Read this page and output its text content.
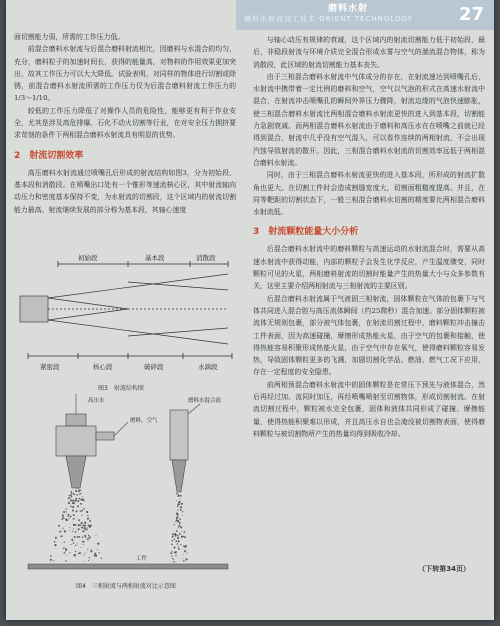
磨料水射
磨料水射流加工技术 ORIENT TECHNOLOGY	27

面切割能力弱，所需的工作压力低。

前混合磨料水射流与后混合磨料射流相比，因磨料与水混合的均匀，充分，磨料粒子的加速时间长，获得的能量高，对物料的作用效果更加突出，故其工作压力可以大大降低。试验表明，对同样的物体进行切割或除锈，前混合磨料水射流所需的工作压力仅为后混合磨料射流工作压力的1/3～1/10。

较低的工作压力降低了对操作人员的危险性，能够更有利于作业安全，尤其是涉及高危排爆、石化不动火切割等行业，在对安全压力拥挤要求苛刻的条件下两相混合磨料水射流具有明显的优势。

2　射流切割效率

高压磨料水射流通过喷嘴孔后形成的射流结构如图3，分为初始段、基本段和消散段。在喷嘴出口处有一个锥形等速流核心区，其中射流轴向动压力和密度基本保持不变，为水射流的切割段，这个区域内的射流切割能力最高。射流继续发展的部分称为基本段，其轴心速度

初始段	基本段	消散段
紧密段	核心段	破碎段	水滴段
图3　射流结构图
高压水
磨料，空气
磨料水混合液
工件
图4　三相射流与两相射流对比示意图

与轴心动压有规律的衰减，这个区域内的射流切割能力低于初始段，最后，非稳段射流与环境介质完全混合形成水雾与空气的湍流混合物体，称为消散段，此区域的射流切割能力基本丧失。

由于三相混合磨料水射流中气体成分的存在，在射流速达到喷嘴孔后，水射流中携带着一定比例的磨料和空气，空气以气泡的形式在高速水射流中混合，在射流冲击喷嘴孔的瞬间外界压力骤降，射流边缘的气泡快速膨胀，使三相混合磨料水射流比两相混合磨料水射流更快的进入到基本段，切割能力急剧衰减。而两相混合磨料水射流由于磨料和高压水在在喷嘴之前就已经得到混合，射流中几乎没有空气混入，可以看作连续的两相射流，不会出现汽蚀导致射流的散开。因此，三相混合磨料水射流的切割效率远低于两相混合磨料水射流。

同时，由于三相混合磨料水射流更快的进入基本段，所形成的射流扩散角也更大。在切割工件时会造成割缝宽度大，切割面粗糙度提高。并且，在同等靶距的切割状态下，一般三相混合磨料水切割的精度要比两相混合磨料水射流低。

3　射流颗粒能量大小分析

后混合磨料水射流中的磨料颗粒与高速运动的水射流混合时，需要从高速水射流中获得动能，内部的颗粒子会发生化学反应，产生温度骤变，同时颗粒可见的火星，两相磨料射流的切割时能量产生的热量大小与众多参数有关，这里主要介绍两相射流与三相射流的主要区别。

后混合磨料水射流属于气液固三相射流，固体颗粒在气体的包裹下与气体共同进入混合腔与高压流体瞬间（约25微秒）混合加速。部分固体颗粒被流体无规则包裹，部分被气体包裹，在射流切割过程中，磨料颗粒冲击撞击工件表面，因为高速碰撞，摩擦形成热能火星，由于空气的包裹和接触，使得热能容易积聚形成热能火星，由于空气中存在氧气，使得磨料颗粒容易发热，导致固体颗粒更多的飞溅，加剧切割化学品、燃油、燃气工况下应用，存在一定程度的安全隐患。

前两相预混合磨料水射流中的固体颗粒是在常压下预先与液体混合，然后再经过加、流同时加压，再经喷嘴喷射至切割物体，形成切割射流。在射流切割过程中，颗粒被水完全包裹，固体和液体共同形成了碰撞、摩擦能量，使得热能积聚难以形成，并且高压水自也会淹没被切割物表面，使得磨料颗粒与被切割物所产生的热量均得到吸收冷却。

（下转第34页）
